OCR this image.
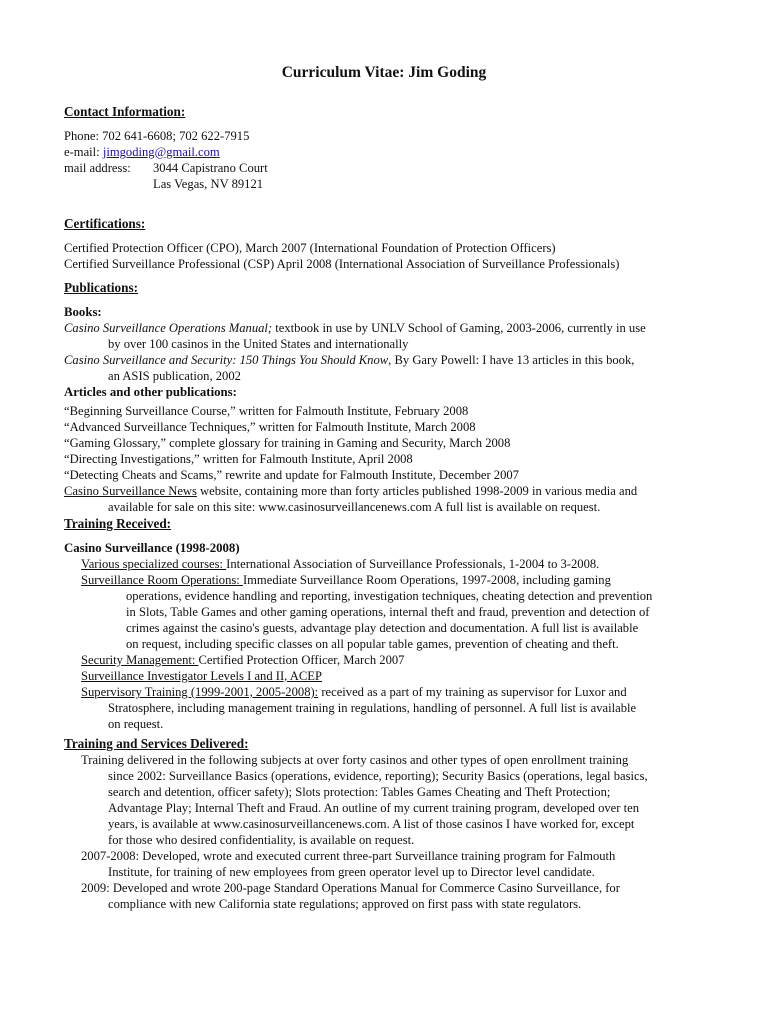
Curriculum Vitae: Jim Goding
Contact Information:
Phone: 702 641-6608; 702 622-7915
e-mail: jimgoding@gmail.com
mail address: 3044 Capistrano Court
Las Vegas, NV 89121
Certifications:
Certified Protection Officer (CPO), March 2007 (International Foundation of Protection Officers)
Certified Surveillance Professional (CSP) April 2008 (International Association of Surveillance Professionals)
Publications:
Books:
Casino Surveillance Operations Manual; textbook in use by UNLV School of Gaming, 2003-2006, currently in use
by over 100 casinos in the United States and internationally
Casino Surveillance and Security: 150 Things You Should Know, By Gary Powell: I have 13 articles in this book,
an ASIS publication, 2002
Articles and other publications:
“Beginning Surveillance Course,” written for Falmouth Institute, February 2008
“Advanced Surveillance Techniques,” written for Falmouth Institute, March 2008
“Gaming Glossary,” complete glossary for training in Gaming and Security, March 2008
“Directing Investigations,” written for Falmouth Institute, April 2008
“Detecting Cheats and Scams,” rewrite and update for Falmouth Institute, December 2007
Casino Surveillance News website, containing more than forty articles published 1998-2009 in various media and
available for sale on this site: www.casinosurveillancenews.com A full list is available on request.
Training Received:
Casino Surveillance (1998-2008)
Various specialized courses: International Association of Surveillance Professionals, 1-2004 to 3-2008.
Surveillance Room Operations: Immediate Surveillance Room Operations, 1997-2008, including gaming
operations, evidence handling and reporting, investigation techniques, cheating detection and prevention
in Slots, Table Games and other gaming operations, internal theft and fraud, prevention and detection of
crimes against the casino's guests, advantage play detection and documentation. A full list is available
on request, including specific classes on all popular table games, prevention of cheating and theft.
Security Management: Certified Protection Officer, March 2007
Surveillance Investigator Levels I and II, ACEP
Supervisory Training (1999-2001, 2005-2008): received as a part of my training as supervisor for Luxor and
Stratosphere, including management training in regulations, handling of personnel. A full list is available
on request.
Training and Services Delivered:
Training delivered in the following subjects at over forty casinos and other types of open enrollment training
since 2002: Surveillance Basics (operations, evidence, reporting); Security Basics (operations, legal basics,
search and detention, officer safety); Slots protection: Tables Games Cheating and Theft Protection;
Advantage Play; Internal Theft and Fraud. An outline of my current training program, developed over ten
years, is available at www.casinosurveillancenews.com. A list of those casinos I have worked for, except
for those who desired confidentiality, is available on request.
2007-2008: Developed, wrote and executed current three-part Surveillance training program for Falmouth
Institute, for training of new employees from green operator level up to Director level candidate.
2009: Developed and wrote 200-page Standard Operations Manual for Commerce Casino Surveillance, for
compliance with new California state regulations; approved on first pass with state regulators.
